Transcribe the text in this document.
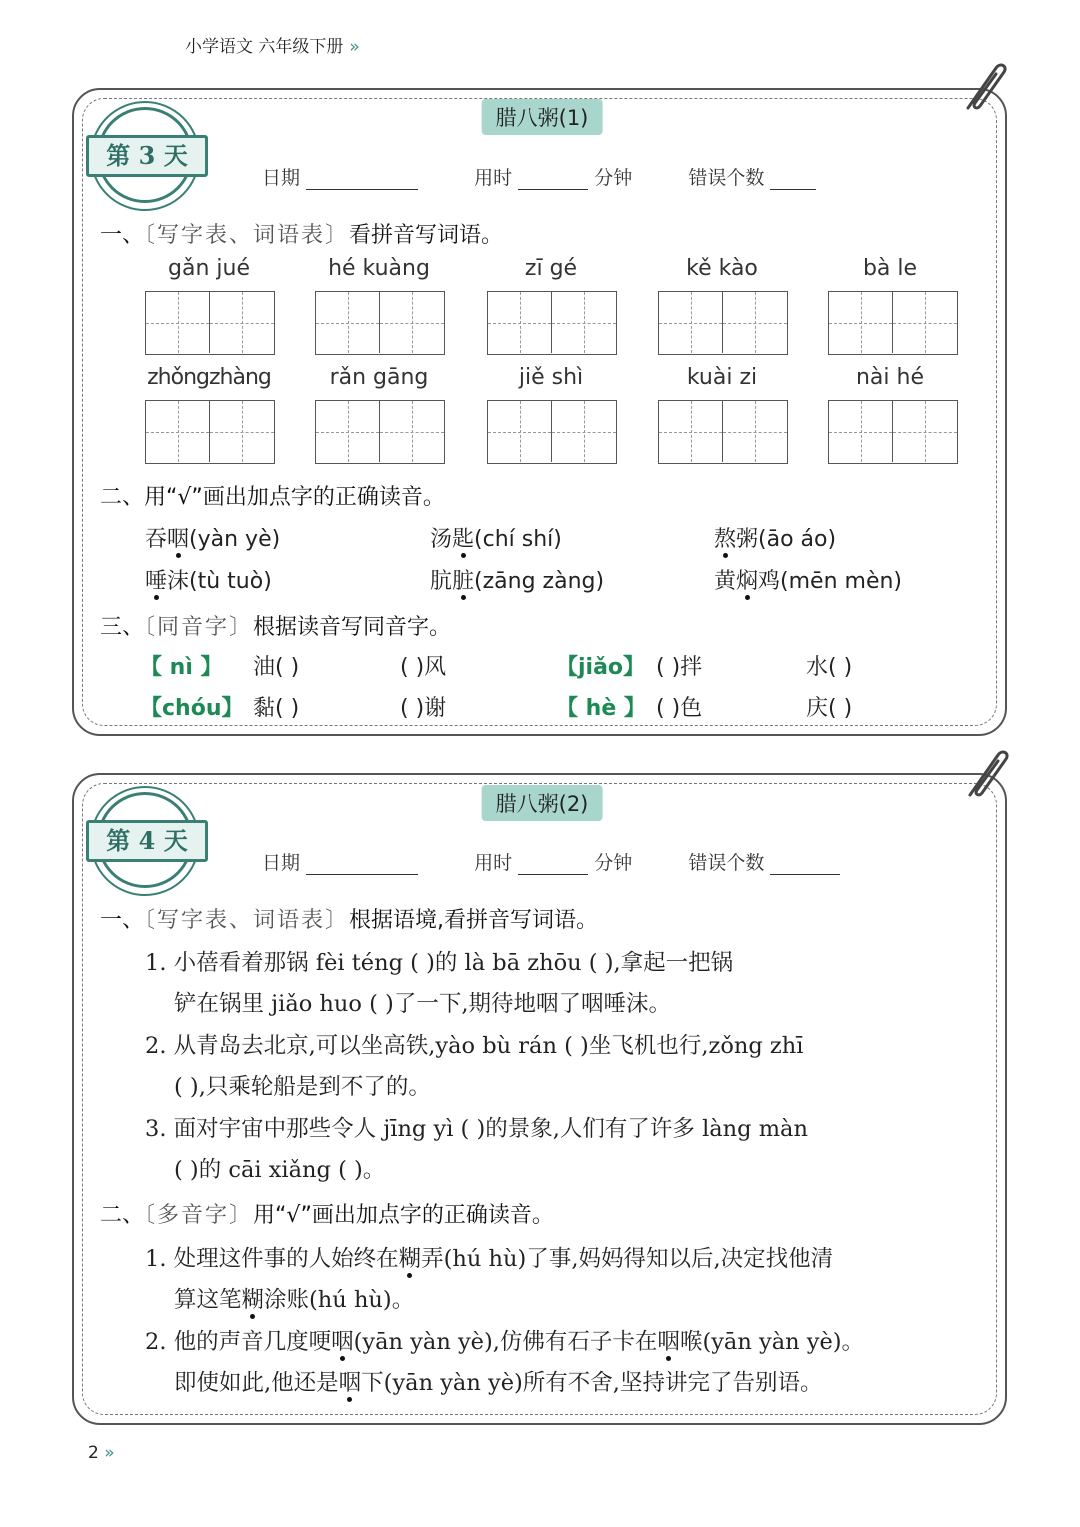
小学语文 六年级下册 »
腊八粥(1)
第 3 天
日期	用时	分钟	错误个数
一、〔写字表、词语表〕看拼音写词语。
gǎn jué	hé kuàng	zī gé	kě kào	bà le
zhǒngzhàng	rǎn gāng	jiě shì	kuài zi	nài hé
二、用“√”画出加点字的正确读音。
吞咽(yàn yè)	汤匙(chí shí)	熬粥(āo áo)
唾沫(tù tuò)	肮脏(zāng zàng)	黄焖鸡(mēn mèn)
三、〔同音字〕根据读音写同音字。
【 nì 】 油( )	( )风	【jiǎo】 ( )拌	水( )
【chóu】 黏( )	( )谢	【 hè 】 ( )色	庆( )
腊八粥(2)
第 4 天
日期	用时	分钟	错误个数
一、〔写字表、词语表〕根据语境,看拼音写词语。
1. 小蓓看着那锅 fèi téng ( )的 là bā zhōu ( ),拿起一把锅
铲在锅里 jiǎo huo ( )了一下,期待地咽了咽唾沫。
2. 从青岛去北京,可以坐高铁,yào bù rán ( )坐飞机也行,zǒng zhī
( ),只乘轮船是到不了的。
3. 面对宇宙中那些令人 jīng yì ( )的景象,人们有了许多 làng màn
( )的 cāi xiǎng ( )。
二、〔多音字〕用“√”画出加点字的正确读音。
1. 处理这件事的人始终在糊弄(hú hù)了事,妈妈得知以后,决定找他清
算这笔糊涂账(hú hù)。
2. 他的声音几度哽咽(yān yàn yè),仿佛有石子卡在咽喉(yān yàn yè)。
即使如此,他还是咽下(yān yàn yè)所有不舍,坚持讲完了告别语。
2 »
